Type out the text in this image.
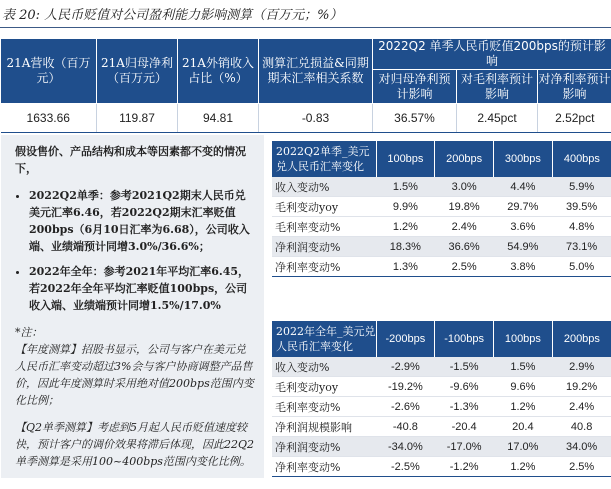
表 20: 人民币贬值对公司盈利能力影响测算（百万元；%）
21A营收（百万元）	21A归母净利（百万元）	21A外销收入占比（%）	测算汇兑损益&同期期末汇率相关系数	2022Q2 单季人民币贬值200bps的预计影响		
				对归母净利预计影响	对毛利率预计影响	对净利率预计影响
1633.66	119.87	94.81	-0.83	36.57%	2.45pct	2.52pct

假设售价、产品结构和成本等因素都不变的情况下，

• 2022Q2单季：参考2021Q2期末人民币兑美元汇率6.46，若2022Q2期末汇率贬值200bps（6月10日汇率为6.68），公司收入端、业绩端预计同增3.0%/36.6%；
• 2022年全年：参考2021年平均汇率6.45，若2022年全年平均汇率贬值100bps，公司收入端、业绩端预计同增1.5%/17.0%

*注：

【年度测算】招股书显示，公司与客户在美元兑人民币汇率变动超过3%会与客户协商调整产品售价，因此年度测算时采用绝对值200bps范围内变化比例；

【Q2单季测算】考虑到5月起人民币贬值速度较快，预计客户的调价效果将滞后体现，因此22Q2单季测算是采用100~400bps范围内变化比例。

2022Q2单季_美元兑人民币汇率变化	100bps	200bps	300bps	400bps
收入变动%	1.5%	3.0%	4.4%	5.9%
毛利变动yoy	9.9%	19.8%	29.7%	39.5%
毛利率变动%	1.2%	2.4%	3.6%	4.8%
净利润变动%	18.3%	36.6%	54.9%	73.1%
净利率变动%	1.3%	2.5%	3.8%	5.0%
2022年全年_美元兑人民币汇率变化	-200bps	-100bps	100bps	200bps
收入变动%	-2.9%	-1.5%	1.5%	2.9%
毛利变动yoy	-19.2%	-9.6%	9.6%	19.2%
毛利率变动%	-2.6%	-1.3%	1.2%	2.4%
净利润规模影响	-40.8	-20.4	20.4	40.8
净利润变动%	-34.0%	-17.0%	17.0%	34.0%
净利率变动%	-2.5%	-1.2%	1.2%	2.5%
